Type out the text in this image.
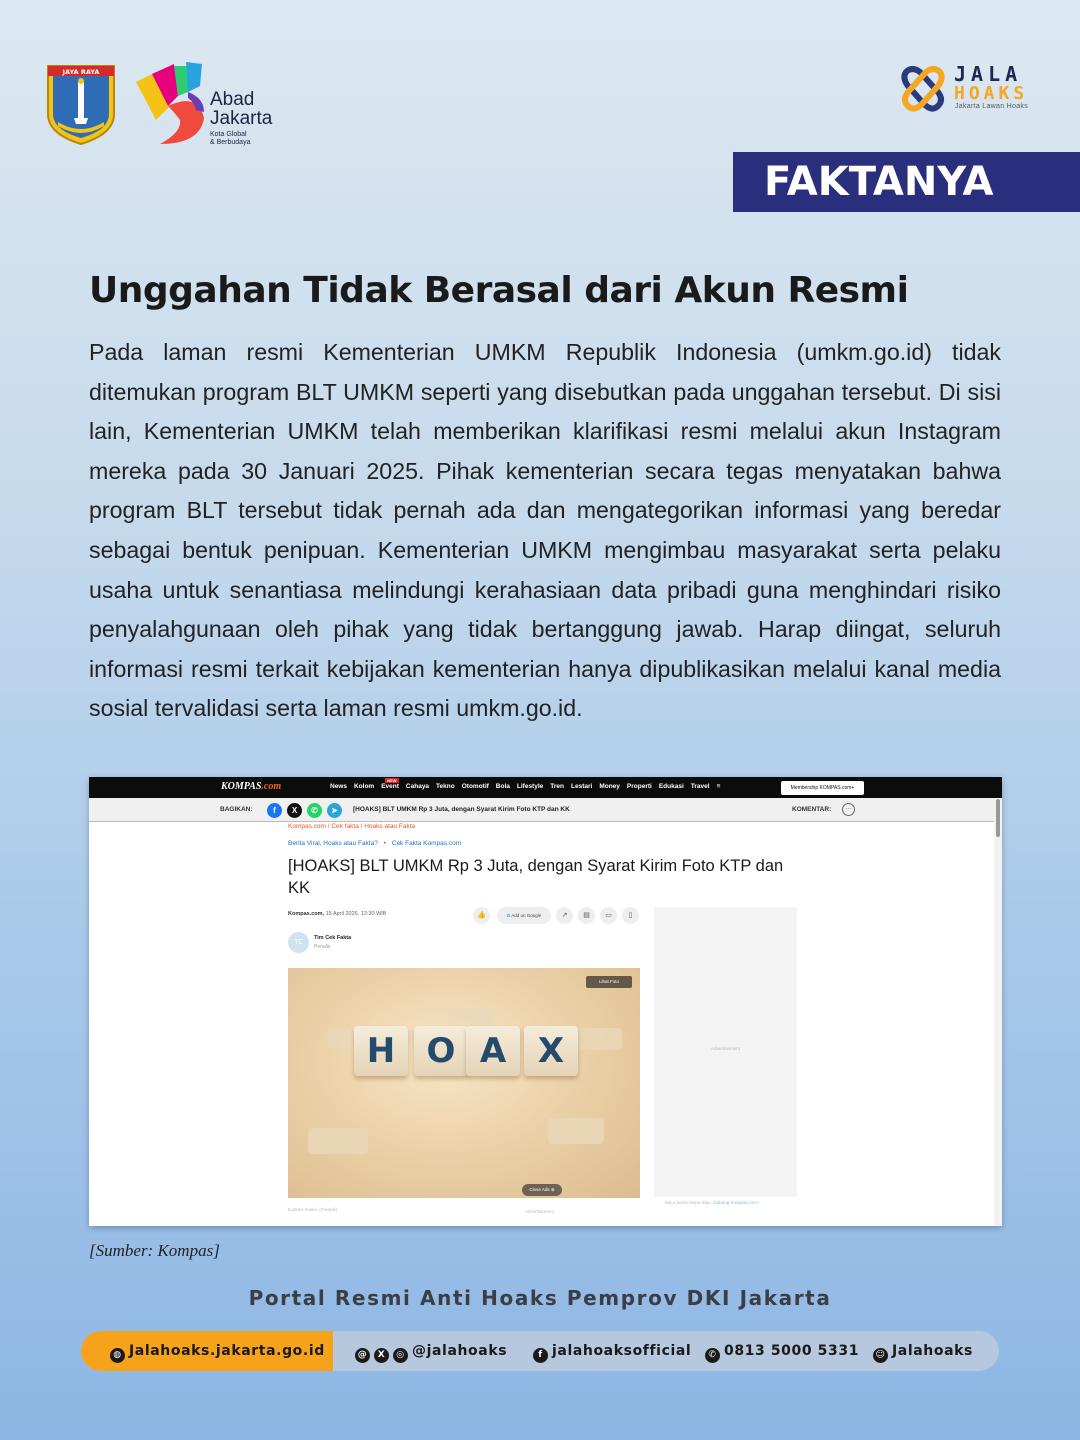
JAYA RAYA
Abad
Jakarta
Kota Global
& Berbudaya
JALA
HOAKS
Jakarta Lawan Hoaks
FAKTANYA
Unggahan Tidak Berasal dari Akun Resmi

Pada laman resmi Kementerian UMKM Republik Indonesia (umkm.go.id) tidak ditemukan program BLT UMKM seperti yang disebutkan pada unggahan tersebut. Di sisi lain, Kementerian UMKM telah memberikan klarifikasi resmi melalui akun Instagram mereka pada 30 Januari 2025. Pihak kementerian secara tegas menyatakan bahwa program BLT tersebut tidak pernah ada dan mengategorikan informasi yang beredar sebagai bentuk penipuan. Kementerian UMKM mengimbau masyarakat serta pelaku usaha untuk senantiasa melindungi kerahasiaan data pribadi guna menghindari risiko penyalahgunaan oleh pihak yang tidak bertanggung jawab. Harap diingat, seluruh informasi resmi terkait kebijakan kementerian hanya dipublikasikan melalui kanal media sosial tervalidasi serta laman resmi umkm.go.id.

KOMPAS.com	News Kolom
NEW
Event Cahaya Tekno Otomotif Bola Lifestyle Tren Lestari Money Properti Edukasi Travel ≡	Membership KOMPAS.com+
BAGIKAN:	f	X	✆	➤	[HOAKS] BLT UMKM Rp 3 Juta, dengan Syarat Kirim Foto KTP dan KK	KOMENTAR:	···
Kompas.com / Cek fakta / Hoaks atau Fakta
Berita Viral, Hoaks atau Fakta? • Cek Fakta Kompas.com
[HOAKS] BLT UMKM Rp 3 Juta, dengan Syarat Kirim Foto KTP dan KK
Kompas.com, 15 April 2026, 12:30 WIB	👍	G Add on Google	↗	▤	▭	▯
TC	Tim Cek Fakta
Penulis
H O A X
Lihat Foto
Close Ads ⊗
Ilustrasi hoaks. (Freepik)	Advertisement
Advertisement
Baca berita tanpa iklan. Gabung Kompas.com+
[Sumber: Kompas]
Portal Resmi Anti Hoaks Pemprov DKI Jakarta
◍ Jalahoaks.jakarta.go.id	@ X ◎ @jalahoaks	f jalahoaksofficial	✆ 0813 5000 5331 ☺ Jalahoaks
